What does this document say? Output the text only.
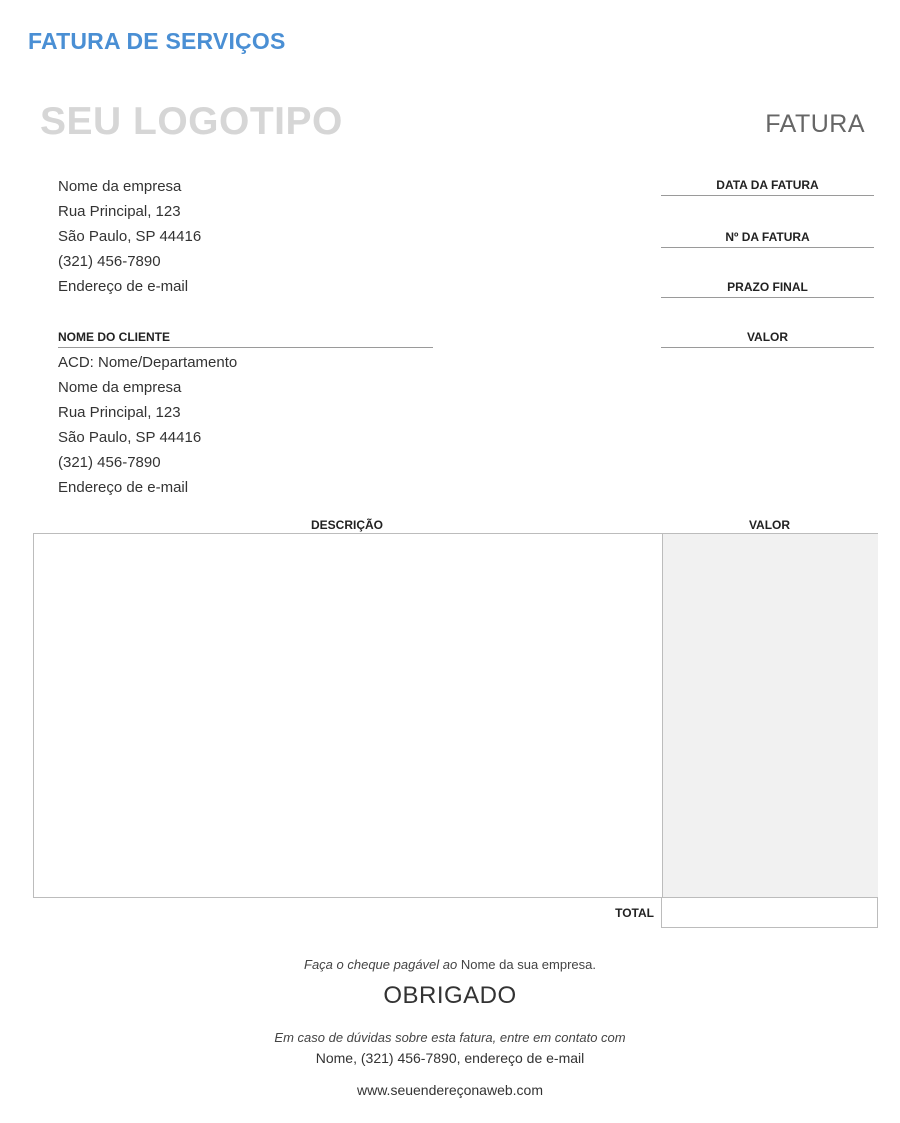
FATURA DE SERVIÇOS
SEU LOGOTIPO	FATURA
Nome da empresa
Rua Principal, 123
São Paulo, SP 44416
(321) 456-7890
Endereço de e-mail
DATA DA FATURA
Nº DA FATURA
PRAZO FINAL
VALOR
NOME DO CLIENTE
ACD: Nome/Departamento
Nome da empresa
Rua Principal, 123
São Paulo, SP 44416
(321) 456-7890
Endereço de e-mail
DESCRIÇÃO	VALOR
TOTAL
Faça o cheque pagável ao Nome da sua empresa.
OBRIGADO
Em caso de dúvidas sobre esta fatura, entre em contato com
Nome, (321) 456-7890, endereço de e-mail
www.seuendereçonaweb.com
